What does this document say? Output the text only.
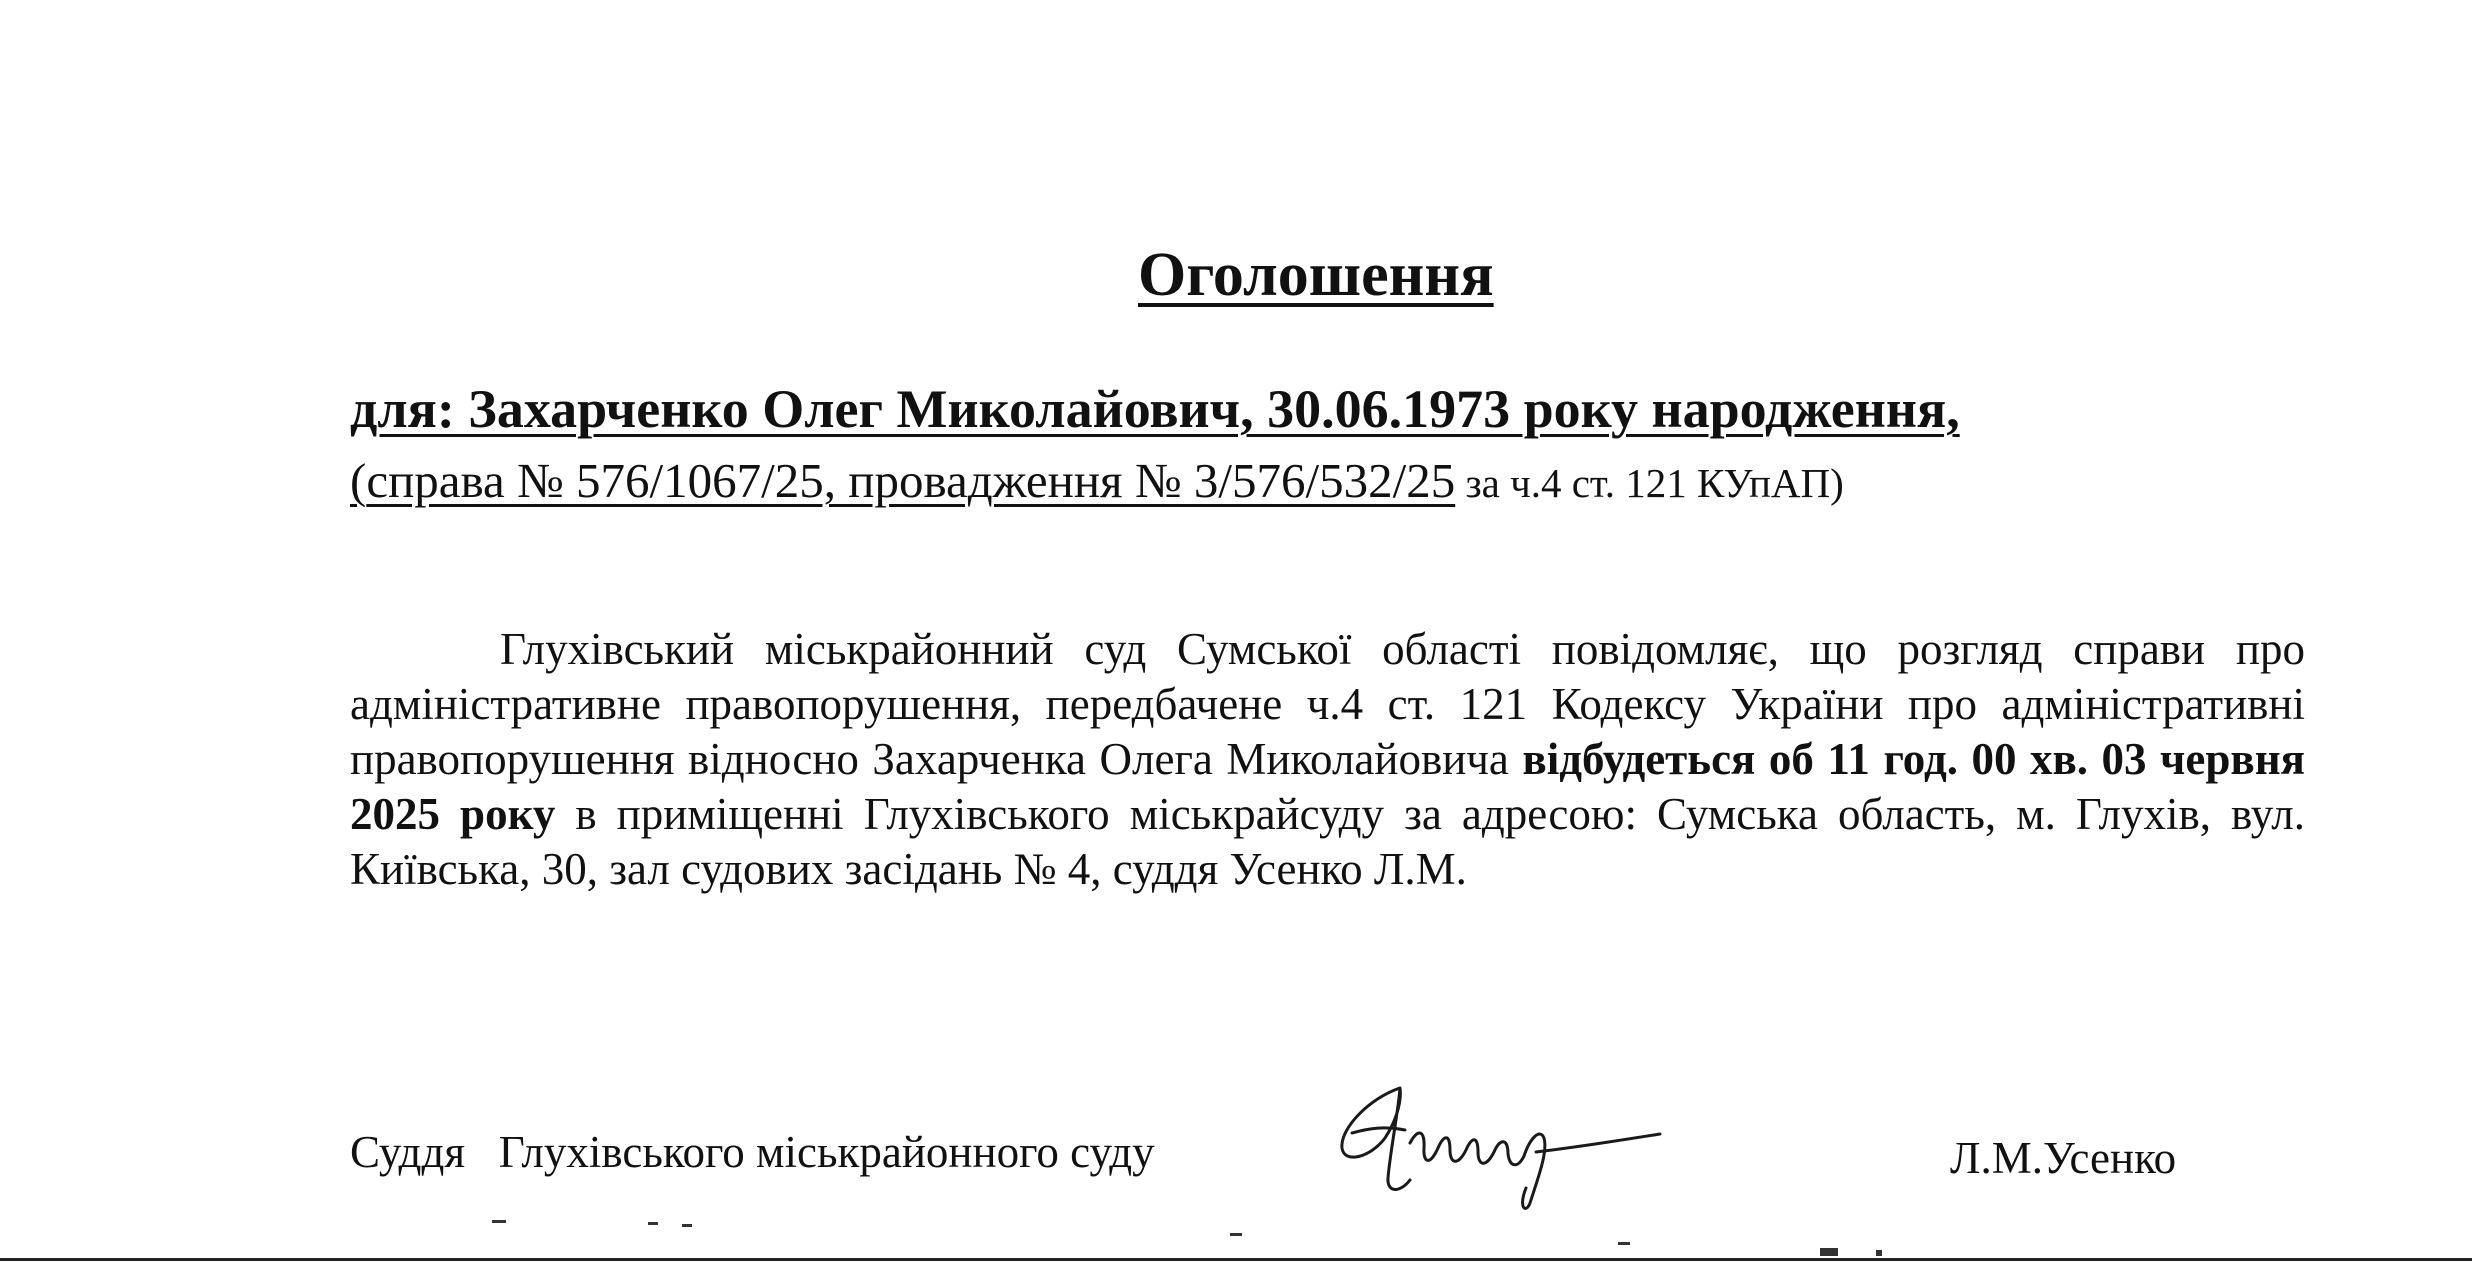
Оголошення

для: Захарченко Олег Миколайович, 30.06.1973 року народження,

(справа № 576/1067/25, провадження № 3/576/532/25 за ч.4 ст. 121 КУпАП)

Глухівський міськрайонний суд Сумської області повідомляє, що розгляд справи про адміністративне правопорушення, передбачене ч.4 ст. 121 Кодексу України про адміністративні правопорушення відносно Захарченка Олега Миколайовича відбудеться об 11 год. 00 хв. 03 червня 2025 року в приміщенні Глухівського міськрайсуду за адресою: Сумська область, м. Глухів, вул. Київська, 30, зал судових засідань № 4, суддя Усенко Л.М.

Суддя   Глухівського міськрайонного суду	Л.М.Усенко
